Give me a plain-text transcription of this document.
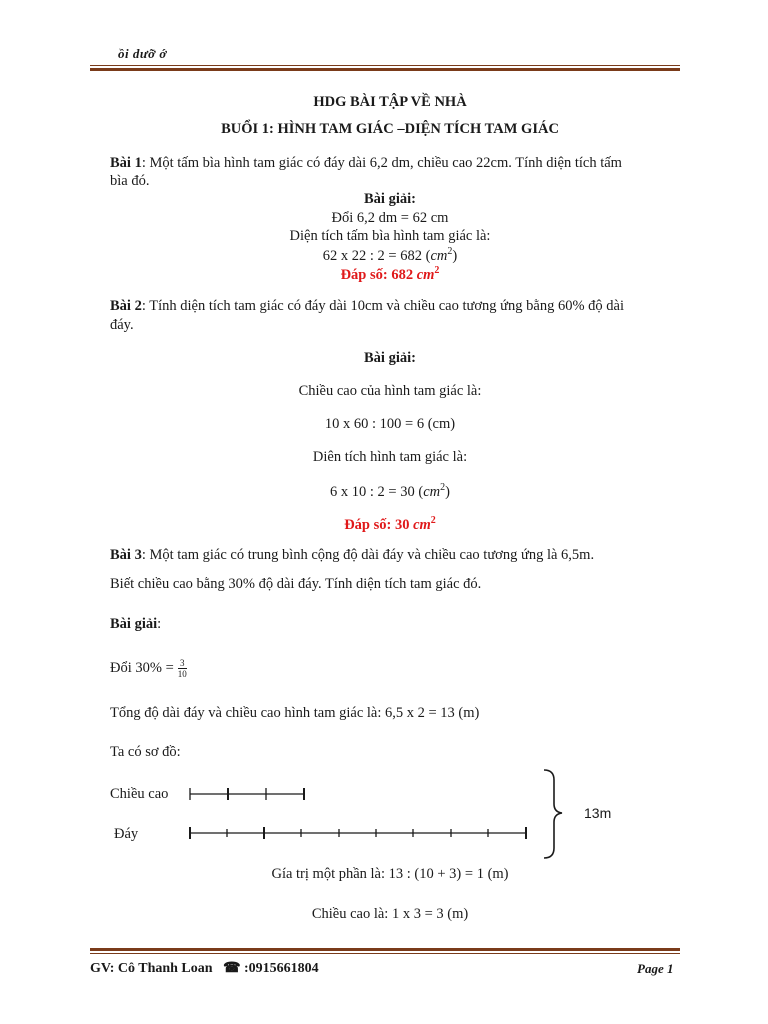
ồi dưỡ ớ
HDG BÀI TẬP VỀ NHÀ
BUỔI 1: HÌNH TAM GIÁC –DIỆN TÍCH TAM GIÁC
Bài 1: Một tấm bìa hình tam giác có đáy dài 6,2 dm, chiều cao 22cm. Tính diện tích tấm
bìa đó.
Bài giải:
Đổi 6,2 dm = 62 cm
Diện tích tấm bìa hình tam giác là:
62 x 22 : 2 = 682 $(cm^2)$
Đáp số: 682 $cm^2$
Bài 2: Tính diện tích tam giác có đáy dài 10cm và chiều cao tương ứng bằng 60% độ dài
đáy.
Bài giải:
Chiều cao của hình tam giác là:
10 x 60 : 100 = 6 (cm)
Diên tích hình tam giác là:
6 x 10 : 2 = 30 $(cm^2)$
Đáp số: 30 $cm^2$
Bài 3: Một tam giác có trung bình cộng độ dài đáy và chiều cao tương ứng là 6,5m.
Biết chiều cao bằng 30% độ dài đáy. Tính diện tích tam giác đó.
Bài giải:
Đổi $30\% = \frac{3}{10}$
Tổng độ dài đáy và chiều cao hình tam giác là: 6,5 x 2 = 13 (m)
Ta có sơ đồ:
Chiều cao
Đáy
13m
Gía trị một phần là: 13 : (10 + 3) = 1 (m)
Chiều cao là: 1 x 3 = 3 (m)
GV: Cô Thanh Loan ☎ :0915661804	Page 1
